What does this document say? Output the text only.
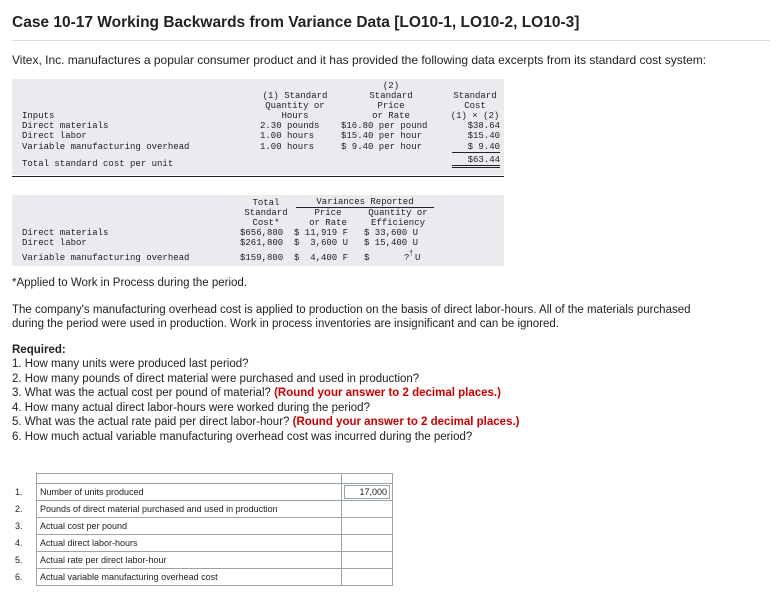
Case 10-17 Working Backwards from Variance Data [LO10-1, LO10-2, LO10-3]
Vitex, Inc. manufactures a popular consumer product and it has provided the following data excerpts from its standard cost system:
(1) Standard
Quantity or
Hours
(2)
Standard
Price
or Rate
Standard
Cost
(1) × (2)
Inputs
Direct materials	2.30 pounds $16.80 per pound	$38.64
Direct labor	1.00 hours	$15.40 per hour	$15.40
Variable manufacturing overhead	1.00 hours	$ 9.40 per hour	$ 9.40
Total standard cost per unit	$63.44
Total
Standard
Cost*
Variances Reported
Price
or Rate
Quantity or
Efficiency
Direct materials	$656,880 $ 11,919 F $ 33,600 U
Direct labor	$261,800 $  3,600 U $ 15,400 U
Variable manufacturing overhead	$159,800 $  4,400 F $	? † U
*Applied to Work in Process during the period.
The company's manufacturing overhead cost is applied to production on the basis of direct labor-hours. All of the materials purchased
during the period were used in production. Work in process inventories are insignificant and can be ignored.
Required:
1. How many units were produced last period?
2. How many pounds of direct material were purchased and used in production?
3. What was the actual cost per pound of material? (Round your answer to 2 decimal places.)
4. How many actual direct labor-hours were worked during the period?
5. What was the actual rate paid per direct labor-hour? (Round your answer to 2 decimal places.)
6. How much actual variable manufacturing overhead cost was incurred during the period?

1.	Number of units produced	17,000

2.	Pounds of direct material purchased and used in production	
3.	Actual cost per pound	
4.	Actual direct labor-hours	
5.	Actual rate per direct labor-hour	
6.	Actual variable manufacturing overhead cost	
